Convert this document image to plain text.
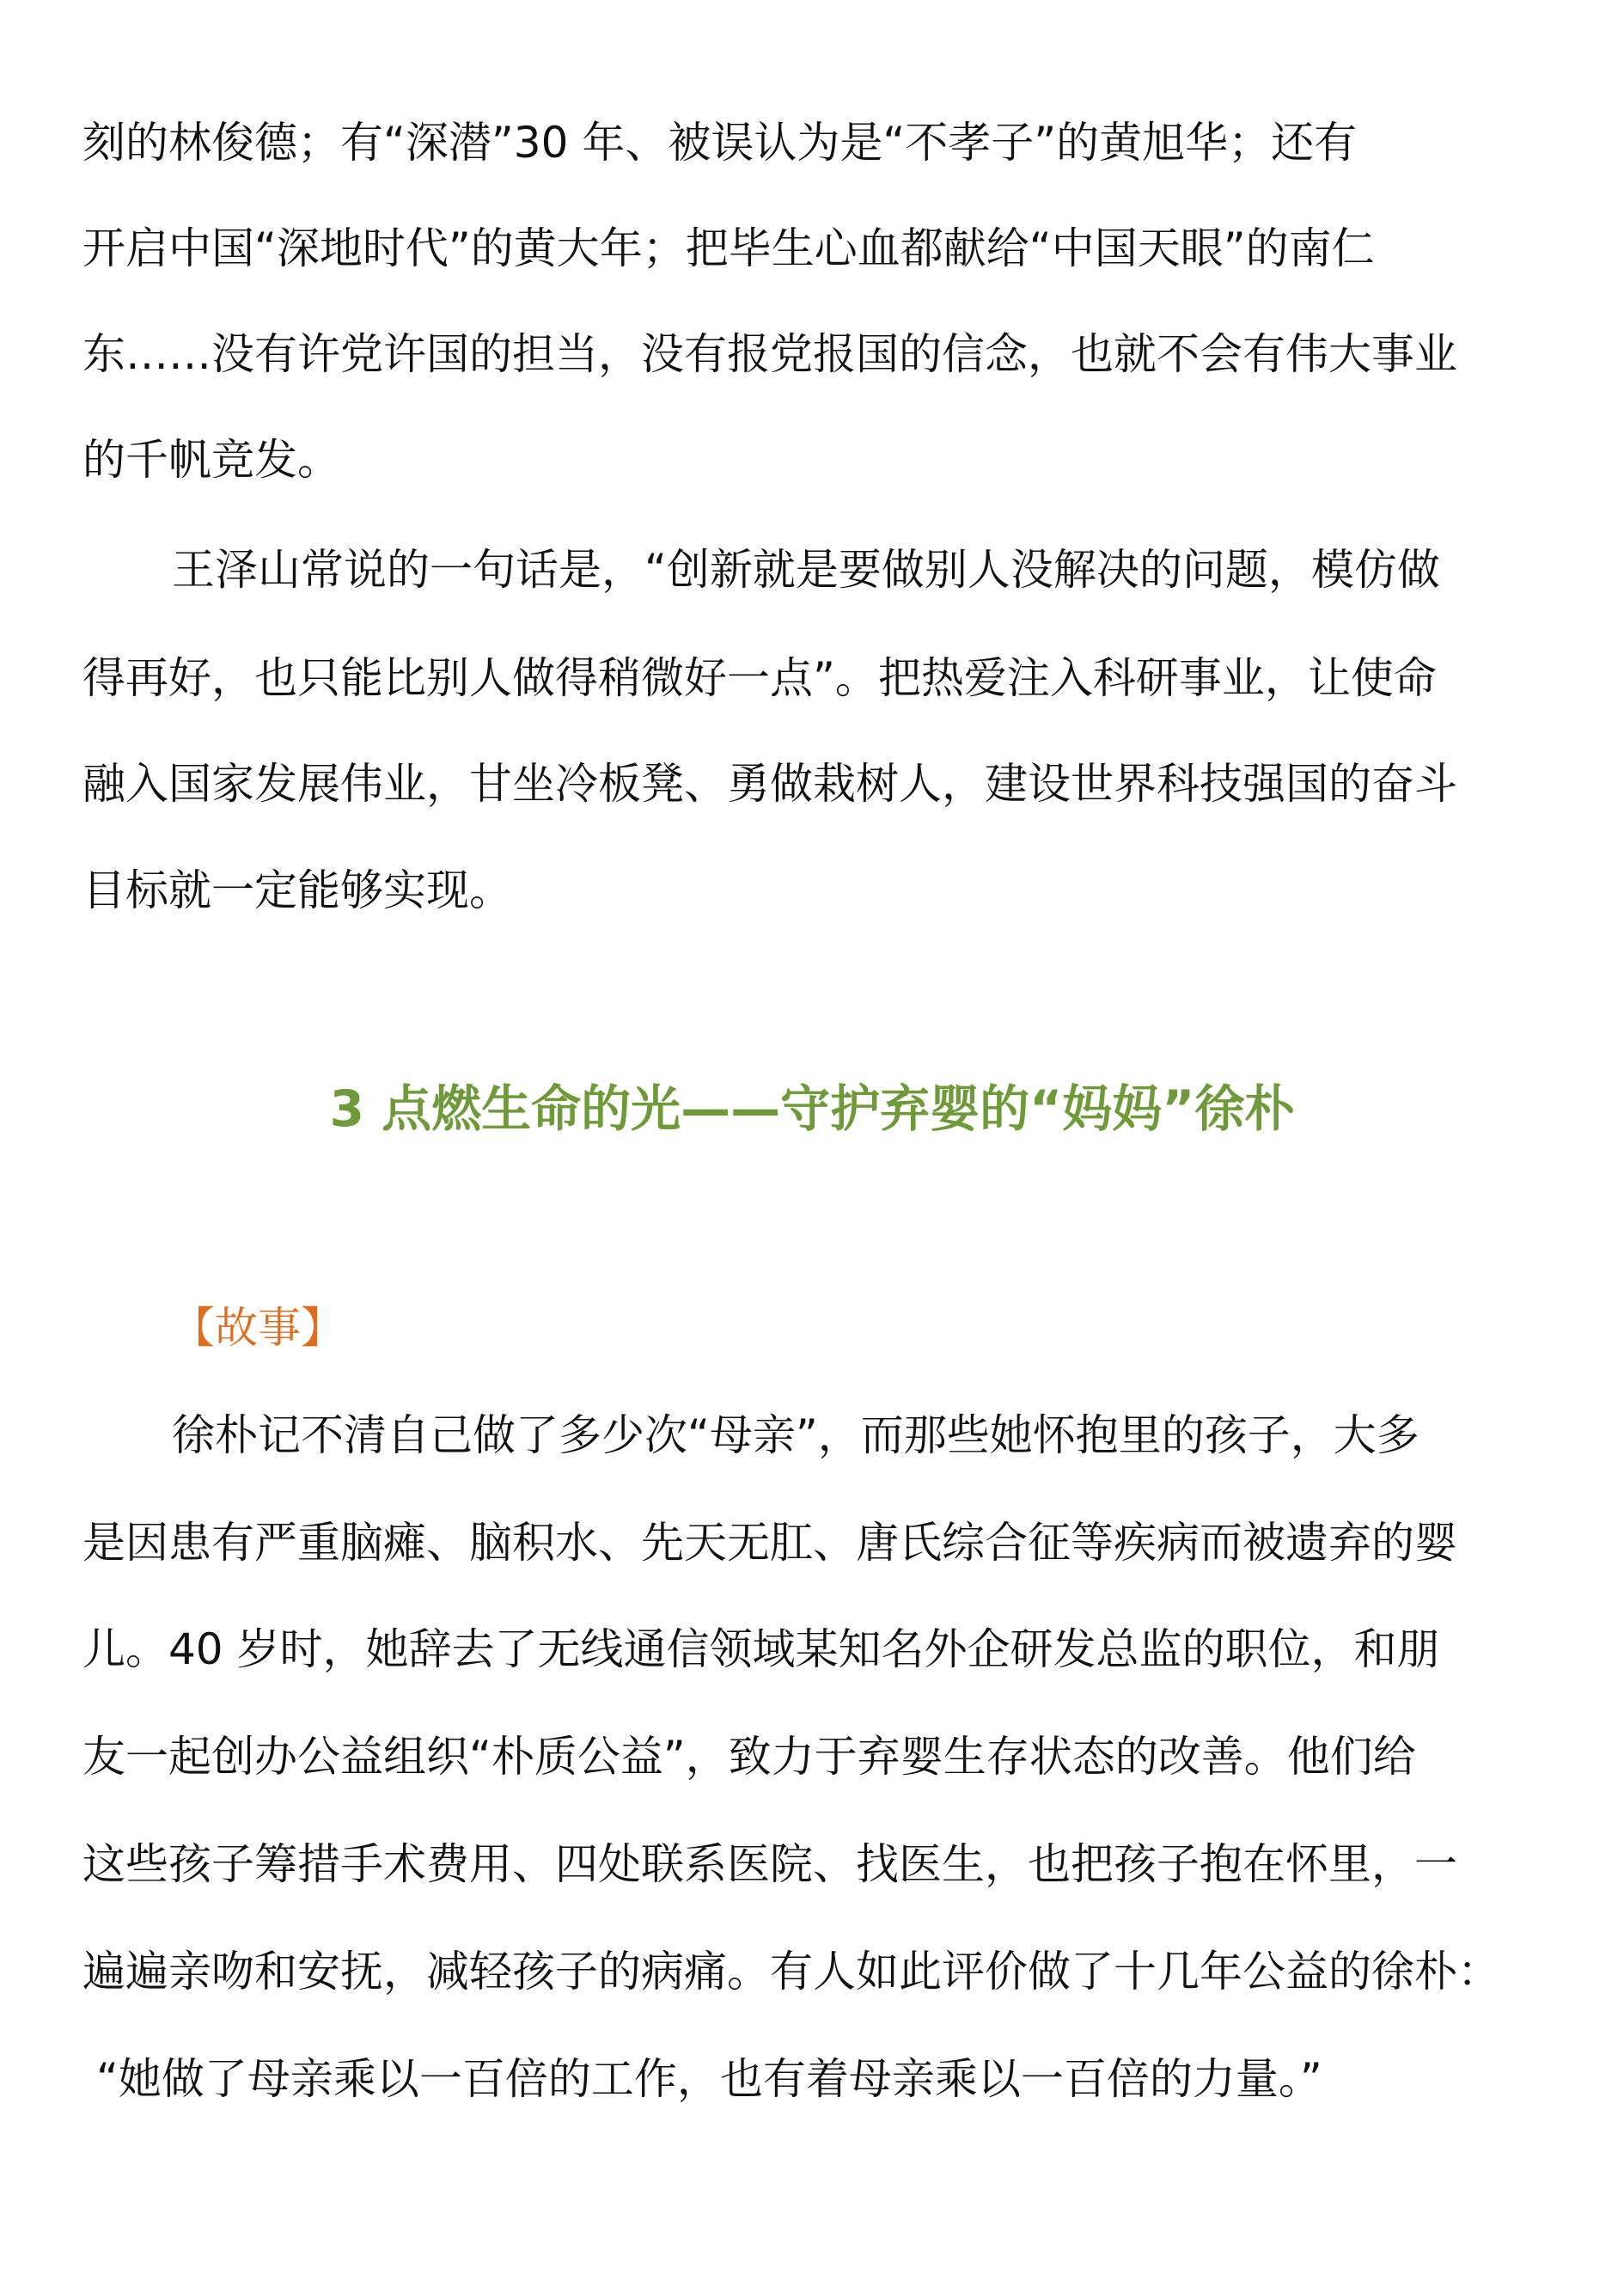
刻的林俊德；有“深潜”30 年、被误认为是“不孝子”的黄旭华；还有
开启中国“深地时代”的黄大年；把毕生心血都献给“中国天眼”的南仁
东……没有许党许国的担当，没有报党报国的信念，也就不会有伟大事业
的千帆竞发。
王泽山常说的一句话是，“创新就是要做别人没解决的问题，模仿做
得再好，也只能比别人做得稍微好一点”。把热爱注入科研事业，让使命
融入国家发展伟业，甘坐冷板凳、勇做栽树人，建设世界科技强国的奋斗
目标就一定能够实现。
3 点燃生命的光——守护弃婴的“妈妈”徐朴
【故事】
徐朴记不清自己做了多少次“母亲”，而那些她怀抱里的孩子，大多
是因患有严重脑瘫、脑积水、先天无肛、唐氏综合征等疾病而被遗弃的婴
儿。40 岁时，她辞去了无线通信领域某知名外企研发总监的职位，和朋
友一起创办公益组织“朴质公益”，致力于弃婴生存状态的改善。他们给
这些孩子筹措手术费用、四处联系医院、找医生，也把孩子抱在怀里，一
遍遍亲吻和安抚，减轻孩子的病痛。有人如此评价做了十几年公益的徐朴：
“她做了母亲乘以一百倍的工作，也有着母亲乘以一百倍的力量。”
